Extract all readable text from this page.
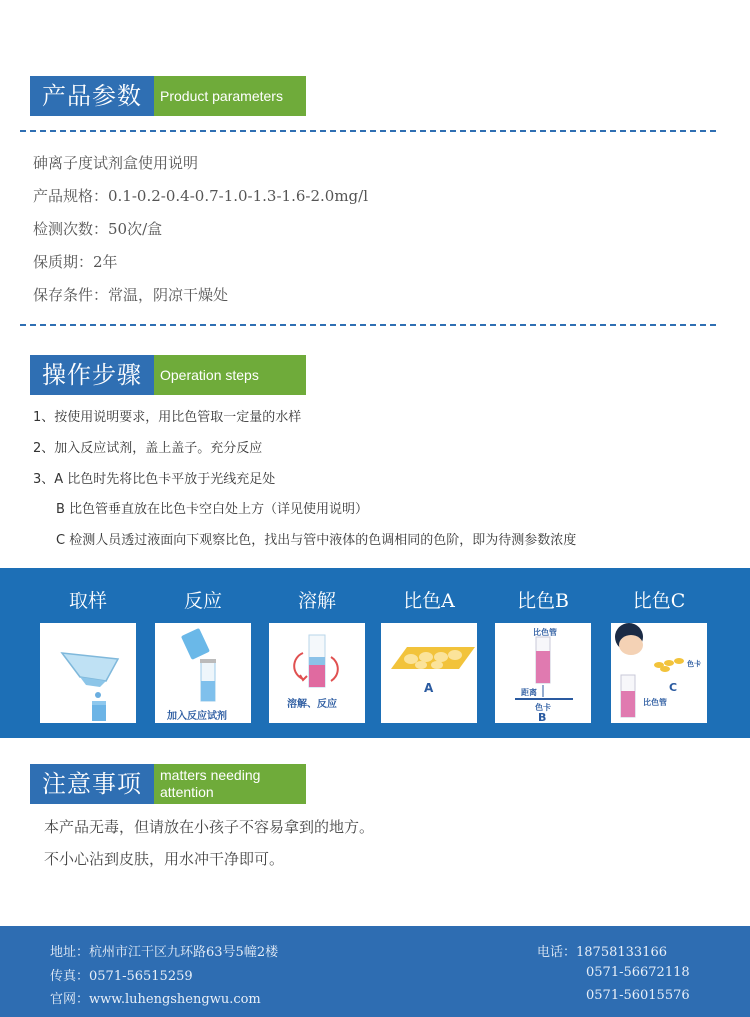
产品参数	Product parameters

砷离子度试剂盒使用说明

产品规格：0.1-0.2-0.4-0.7-1.0-1.3-1.6-2.0mg/l

检测次数：50次/盒

保质期：2年

保存条件：常温，阴凉干燥处

操作步骤	Operation steps

1、按使用说明要求，用比色管取一定量的水样

2、加入反应试剂，盖上盖子。充分反应

3、A 比色时先将比色卡平放于光线充足处

B 比色管垂直放在比色卡空白处上方（详见使用说明）

C 检测人员透过液面向下观察比色，找出与管中液体的色调相同的色阶，即为待测参数浓度

取样	反应	溶解	比色A	比色B	比色C
加入反应试剂
溶解、反应
A
比色管
距离
色卡
B
色卡
C
比色管
注意事项	matters needing attention

本产品无毒，但请放在小孩子不容易拿到的地方。

不小心沾到皮肤，用水冲干净即可。

地址：杭州市江干区九环路63号5幢2楼

传真：0571-56515259

官网：www.luhengshengwu.com

电话：18758133166

0571-56672118

0571-56015576
